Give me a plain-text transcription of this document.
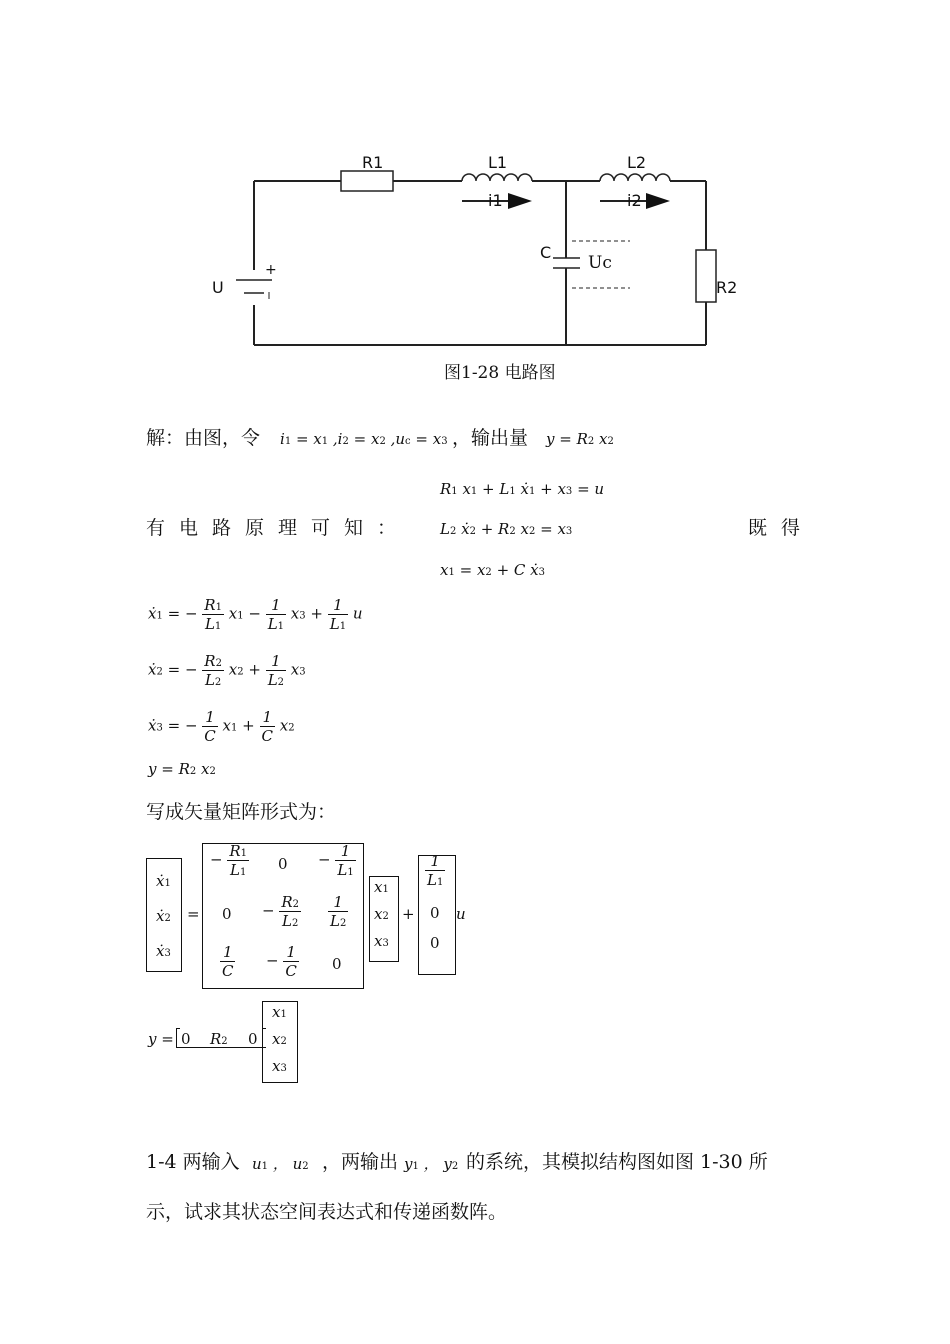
R1	L1	L2
i1	i2
C
Uc
U
+
R2
图1-28 电路图
解：由图，令 i1 = x1 ,i2 = x2 ,uc = x3 ，输出量 y = R2 x2
有电路原理可知：
R1 x1 + L1 ẋ1 + x3 = u
L2 ẋ2 + R2 x2 = x3
x1 = x2 + C ẋ3
既得
ẋ1 = − $\frac{R1}{L1} x1 - \frac{1}{L1} x3 + \frac{1}{L1}$ u
ẋ2 = − $\frac{R2}{L2} x2 + \frac{1}{L2} x3$
ẋ3 = − $\frac{1}{C} x1 + \frac{1}{C} x2$
y = R2 x2
写成矢量矩阵形式为：
ẋ1
ẋ2
ẋ3
=
− $\frac{R1}{L1} 0 - \frac{1}{L1}$
$0 - \frac{R2}{L2} \frac{1}{L2}$
$\frac{1}{C} - \frac{1}{C} 0$
x1
x2
x3
+
$\frac{1}{L1}$
0
0
u
y = 0 R2 0
x1
x2
x3
1-4 两输入 u1 ， u2 ，两输出 y1 ， y2 的系统，其模拟结构图如图 1-30 所
示，试求其状态空间表达式和传递函数阵。
